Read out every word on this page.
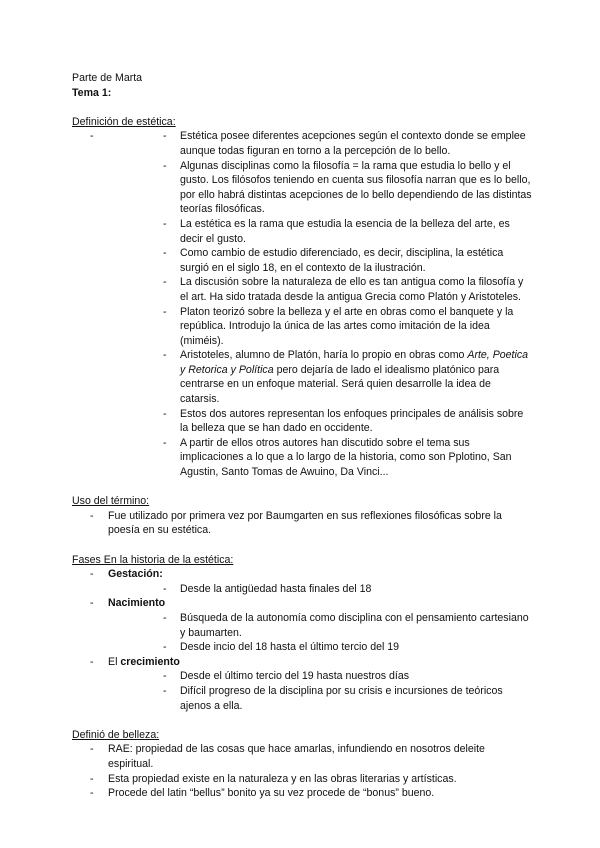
Parte de Marta

Tema 1:

Definición de estética:

-	- Estética posee diferentes acepciones según el contexto donde se emplee aunque todas figuran en torno a la percepción de lo bello.
- Algunas disciplinas como la filosofía = la rama que estudia lo bello y el gusto. Los filósofos teniendo en cuenta sus filosofía narran que es lo bello, por ello habrá distintas acepciones de lo bello dependiendo de las distintas teorías filosóficas.
- La estética es la rama que estudia la esencia de la belleza del arte, es decir el gusto.
- Como cambio de estudio diferenciado, es decir, disciplina, la estética surgió en el siglo 18, en el contexto de la ilustración.
- La discusión sobre la naturaleza de ello es tan antigua como la filosofía y el art. Ha sido tratada desde la antigua Grecia como Platón y Aristoteles.
- Platon teorizó sobre la belleza y el arte en obras como el banquete y la república. Introdujo la única de las artes como imitación de la idea (miméis).
- Aristoteles, alumno de Platón, haría lo propio en obras como Arte, Poetica y Retorica y Política pero dejaría de lado el idealismo platónico para centrarse en un enfoque material. Será quien desarrolle la idea de catarsis.
- Estos dos autores representan los enfoques principales de análisis sobre la belleza que se han dado en occidente.
- A partir de ellos otros autores han discutido sobre el tema sus implicaciones a lo que a lo largo de la historia, como son Pplotino, San Agustin, Santo Tomas de Awuino, Da Vinci...

Uso del término:

- Fue utilizado por primera vez por Baumgarten en sus reflexiones filosóficas sobre la poesía en su estética.

Fases En la historia de la estética:

- Gestación:
- Desde la antigüedad hasta finales del 18
- Nacimiento
- Búsqueda de la autonomía como disciplina con el pensamiento cartesiano y baumarten.
- Desde incio del 18 hasta el último tercio del 19
- El crecimiento
- Desde el último tercio del 19 hasta nuestros días
- Difícil progreso de la disciplina por su crisis e incursiones de teóricos ajenos a ella.

Definió de belleza:

- RAE: propiedad de las cosas que hace amarlas, infundiendo en nosotros deleite espiritual.
- Esta propiedad existe en la naturaleza y en las obras literarias y artísticas.
- Procede del latin “bellus” bonito ya su vez procede de “bonus” bueno.
